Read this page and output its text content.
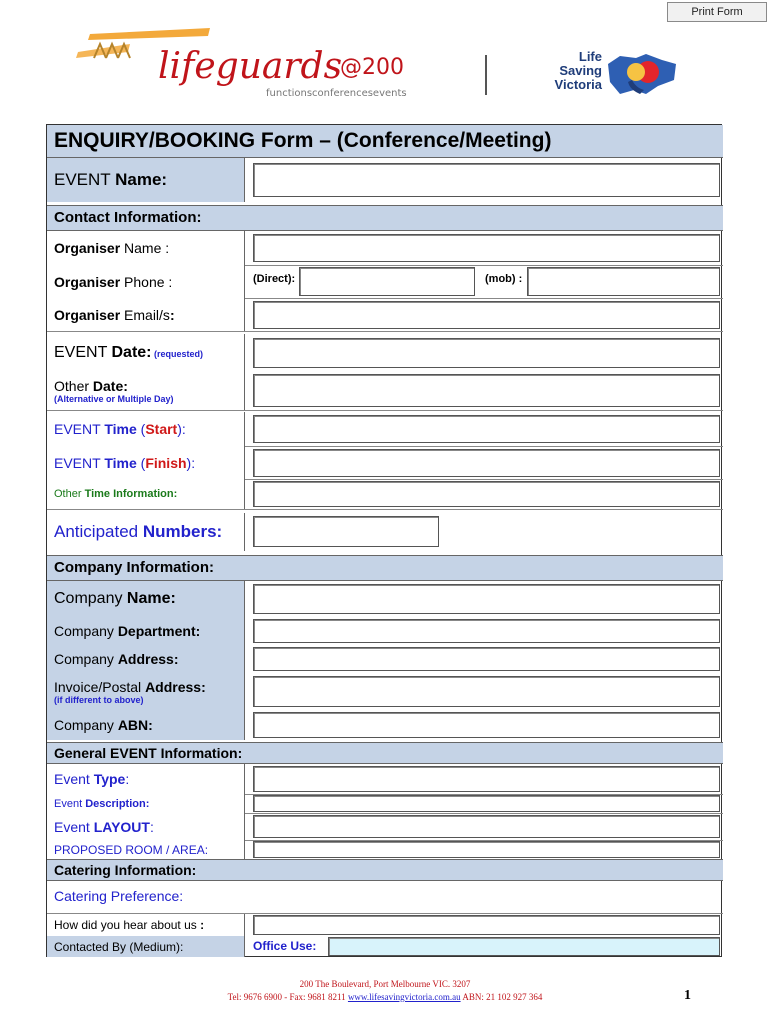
Print Form
lifeguards
@200
functionsconferencesevents
Life
Saving
Victoria
ENQUIRY/BOOKING Form – (Conference/Meeting)
EVENT Name:
Contact Information:
Organiser Name :
Organiser Phone :	(Direct):	(mob) :
Organiser Email/s:
EVENT Date: (requested)
Other Date:
(Alternative or Multiple Day)
EVENT Time (Start):
EVENT Time (Finish):
Other Time Information:
Anticipated Numbers:
Company Information:
Company Name:
Company Department:
Company Address:
Invoice/Postal Address:
(if different to above)
Company ABN:
General EVENT Information:
Event Type:
Event Description:
Event LAYOUT:
PROPOSED ROOM / AREA:
Catering Information:
Catering Preference:
How did you hear about us :
Contacted By (Medium):	Office Use:
200 The Boulevard, Port Melbourne VIC. 3207
Tel: 9676 6900 - Fax: 9681 8211 www.lifesavingvictoria.com.au ABN: 21 102 927 364	1
